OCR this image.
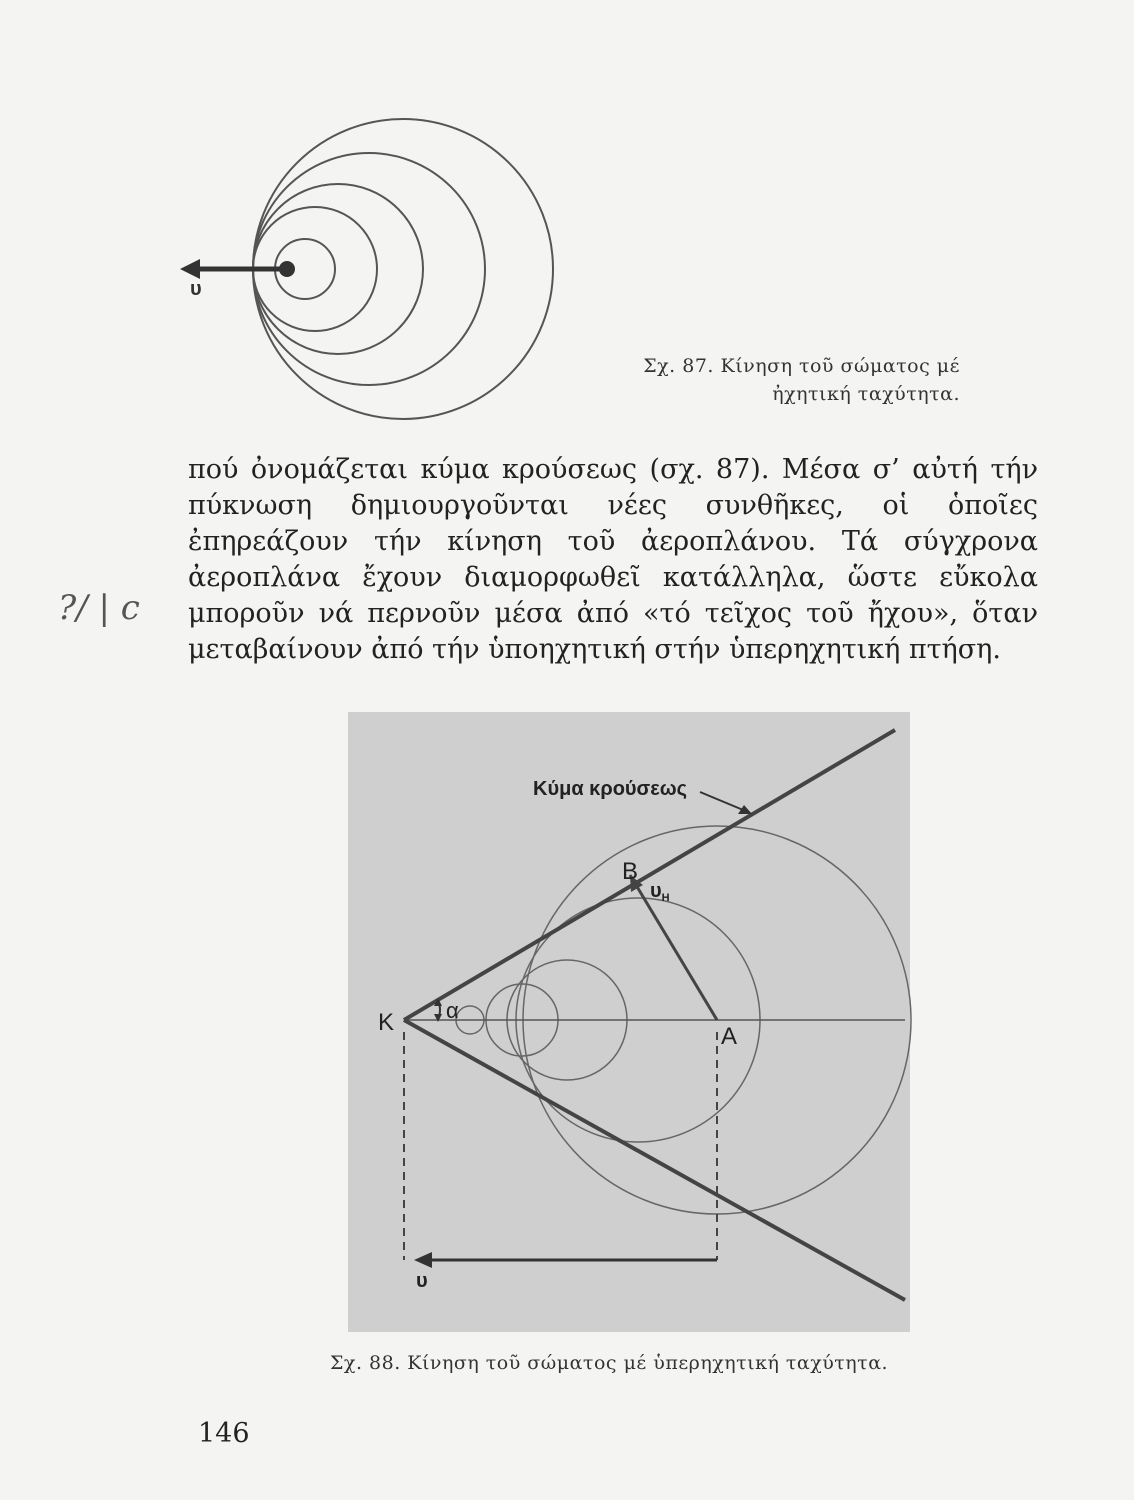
υ
Σχ. 87. Κίνηση τοῦ σώματος μέ
ἠχητική ταχύτητα.

πού ὀνομάζεται κύμα κρούσεως (σχ. 87). Μέσα σ’ αὐτή τήν πύκνωση δημιουργοῦνται νέες συνθῆκες, οἱ ὁποῖες ἐπηρεάζουν τήν κίνηση τοῦ ἀεροπλάνου. Τά σύγχρονα ἀεροπλάνα ἔχουν διαμορφωθεῖ κατάλληλα, ὥστε εὔκολα μποροῦν νά περνοῦν μέσα ἀπό «τό τεῖχος τοῦ ἤχου», ὅταν μεταβαίνουν ἀπό τήν ὑποηχητική στήν ὑπερηχητική πτήση.

Κύμα κρούσεως
B
$\upsilon_H$
K α
A
υ
Σχ. 88. Κίνηση τοῦ σώματος μέ ὑπερηχητική ταχύτητα.
?/ | c
146
